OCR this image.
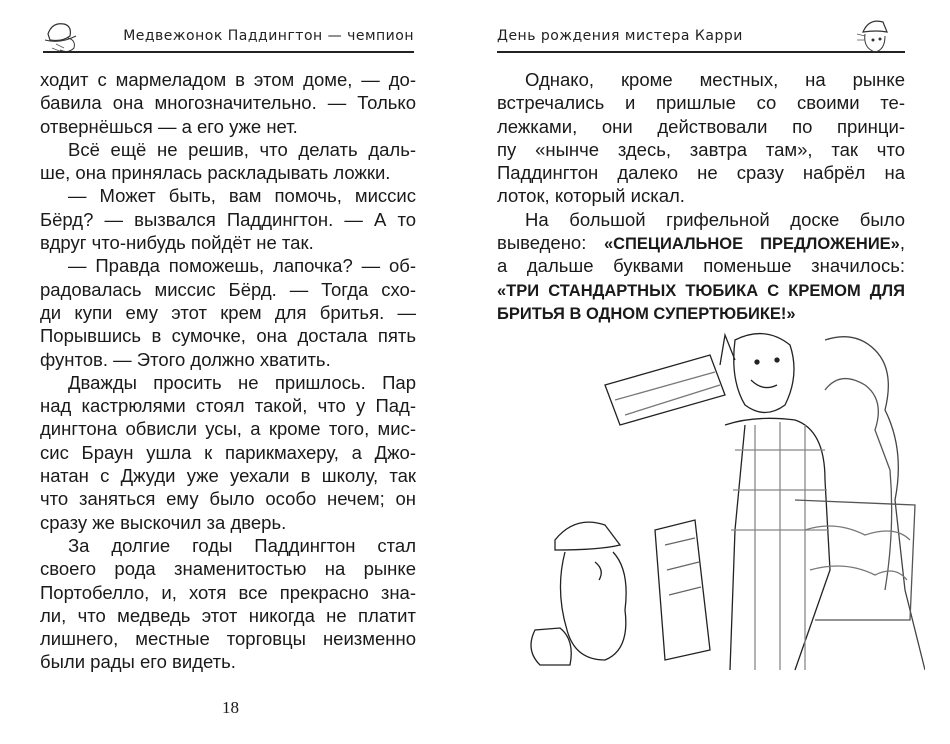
Медвежонок Паддингтон — чемпион
ходит с мармеладом в этом доме, — до-
бавила она многозначительно. — Только
отвернёшься — а его уже нет.
Всё ещё не решив, что делать даль-
ше, она принялась раскладывать ложки.
— Может быть, вам помочь, миссис
Бёрд? — вызвался Паддингтон. — А то
вдруг что-нибудь пойдёт не так.
— Правда поможешь, лапочка? — об-
радовалась миссис Бёрд. — Тогда схо-
ди купи ему этот крем для бритья. —
Порывшись в сумочке, она достала пять
фунтов. — Этого должно хватить.
Дважды просить не пришлось. Пар
над кастрюлями стоял такой, что у Пад-
дингтона обвисли усы, а кроме того, мис-
сис Браун ушла к парикмахеру, а Джо-
натан с Джуди уже уехали в школу, так
что заняться ему было особо нечем; он
сразу же выскочил за дверь.
За долгие годы Паддингтон стал
своего рода знаменитостью на рынке
Портобелло, и, хотя все прекрасно зна-
ли, что медведь этот никогда не платит
лишнего, местные торговцы неизменно
были рады его видеть.
18
День рождения мистера Карри
Однако, кроме местных, на рынке
встречались и пришлые со своими те-
лежками, они действовали по принци-
пу «нынче здесь, завтра там», так что
Паддингтон далеко не сразу набрёл на
лоток, который искал.
На большой грифельной доске было
выведено: «СПЕЦИАЛЬНОЕ ПРЕДЛОЖЕНИЕ»,
а дальше буквами поменьше значилось:
«ТРИ СТАНДАРТНЫХ ТЮБИКА С КРЕМОМ ДЛЯ
БРИТЬЯ В ОДНОМ СУПЕРТЮБИКЕ!»
